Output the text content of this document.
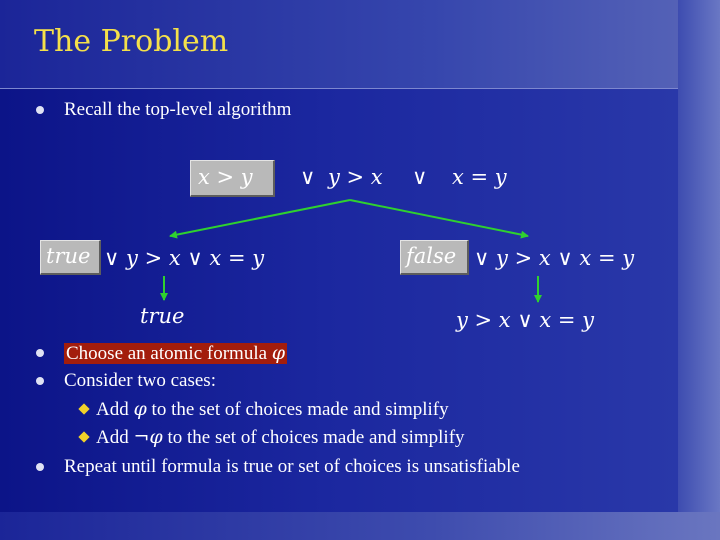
The Problem
Recall the top-level algorithm
x > y ∨ y > x ∨ x = y
true ∨ y > x ∨ x = y
true
false ∨ y > x ∨ x = y
y > x ∨ x = y
Choose an atomic formula φ
Consider two cases:
Add φ to the set of choices made and simplify
Add ¬φ to the set of choices made and simplify
Repeat until formula is true or set of choices is unsatisfiable
